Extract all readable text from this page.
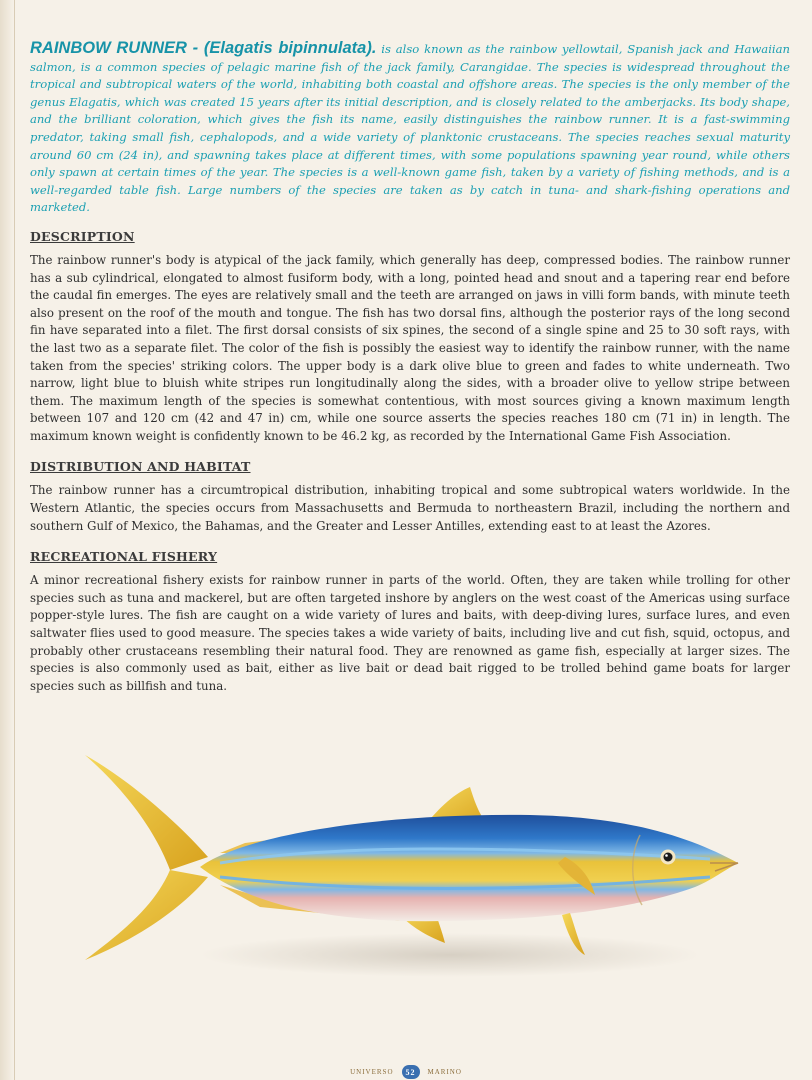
RAINBOW RUNNER - (Elagatis bipinnulata). is also known as the rainbow yellowtail, Spanish jack and Hawaiian salmon, is a common species of pelagic marine fish of the jack family, Carangidae. The species is widespread throughout the tropical and subtropical waters of the world, inhabiting both coastal and offshore areas. The species is the only member of the genus Elagatis, which was created 15 years after its initial description, and is closely related to the amberjacks. Its body shape, and the brilliant coloration, which gives the fish its name, easily distinguishes the rainbow runner. It is a fast-swimming predator, taking small fish, cephalopods, and a wide variety of planktonic crustaceans. The species reaches sexual maturity around 60 cm (24 in), and spawning takes place at different times, with some populations spawning year round, while others only spawn at certain times of the year. The species is a well-known game fish, taken by a variety of fishing methods, and is a well-regarded table fish. Large numbers of the species are taken as by catch in tuna- and shark-fishing operations and marketed.

DESCRIPTION

The rainbow runner's body is atypical of the jack family, which generally has deep, compressed bodies. The rainbow runner has a sub cylindrical, elongated to almost fusiform body, with a long, pointed head and snout and a tapering rear end before the caudal fin emerges. The eyes are relatively small and the teeth are arranged on jaws in villi form bands, with minute teeth also present on the roof of the mouth and tongue. The fish has two dorsal fins, although the posterior rays of the long second fin have separated into a filet. The first dorsal consists of six spines, the second of a single spine and 25 to 30 soft rays, with the last two as a separate filet. The color of the fish is possibly the easiest way to identify the rainbow runner, with the name taken from the species' striking colors. The upper body is a dark olive blue to green and fades to white underneath. Two narrow, light blue to bluish white stripes run longitudinally along the sides, with a broader olive to yellow stripe between them. The maximum length of the species is somewhat contentious, with most sources giving a known maximum length between 107 and 120 cm (42 and 47 in) cm, while one source asserts the species reaches 180 cm (71 in) in length. The maximum known weight is confidently known to be 46.2 kg, as recorded by the International Game Fish Association.

DISTRIBUTION AND HABITAT

The rainbow runner has a circumtropical distribution, inhabiting tropical and some subtropical waters worldwide. In the Western Atlantic, the species occurs from Massachusetts and Bermuda to northeastern Brazil, including the northern and southern Gulf of Mexico, the Bahamas, and the Greater and Lesser Antilles, extending east to at least the Azores.

RECREATIONAL FISHERY

A minor recreational fishery exists for rainbow runner in parts of the world. Often, they are taken while trolling for other species such as tuna and mackerel, but are often targeted inshore by anglers on the west coast of the Americas using surface popper-style lures. The fish are caught on a wide variety of lures and baits, with deep-diving lures, surface lures, and even saltwater flies used to good measure. The species takes a wide variety of baits, including live and cut fish, squid, octopus, and probably other crustaceans resembling their natural food. They are renowned as game fish, especially at larger sizes. The species is also commonly used as bait, either as live bait or dead bait rigged to be trolled behind game boats for larger species such as billfish and tuna.

UNIVERSO	52	MARINO
